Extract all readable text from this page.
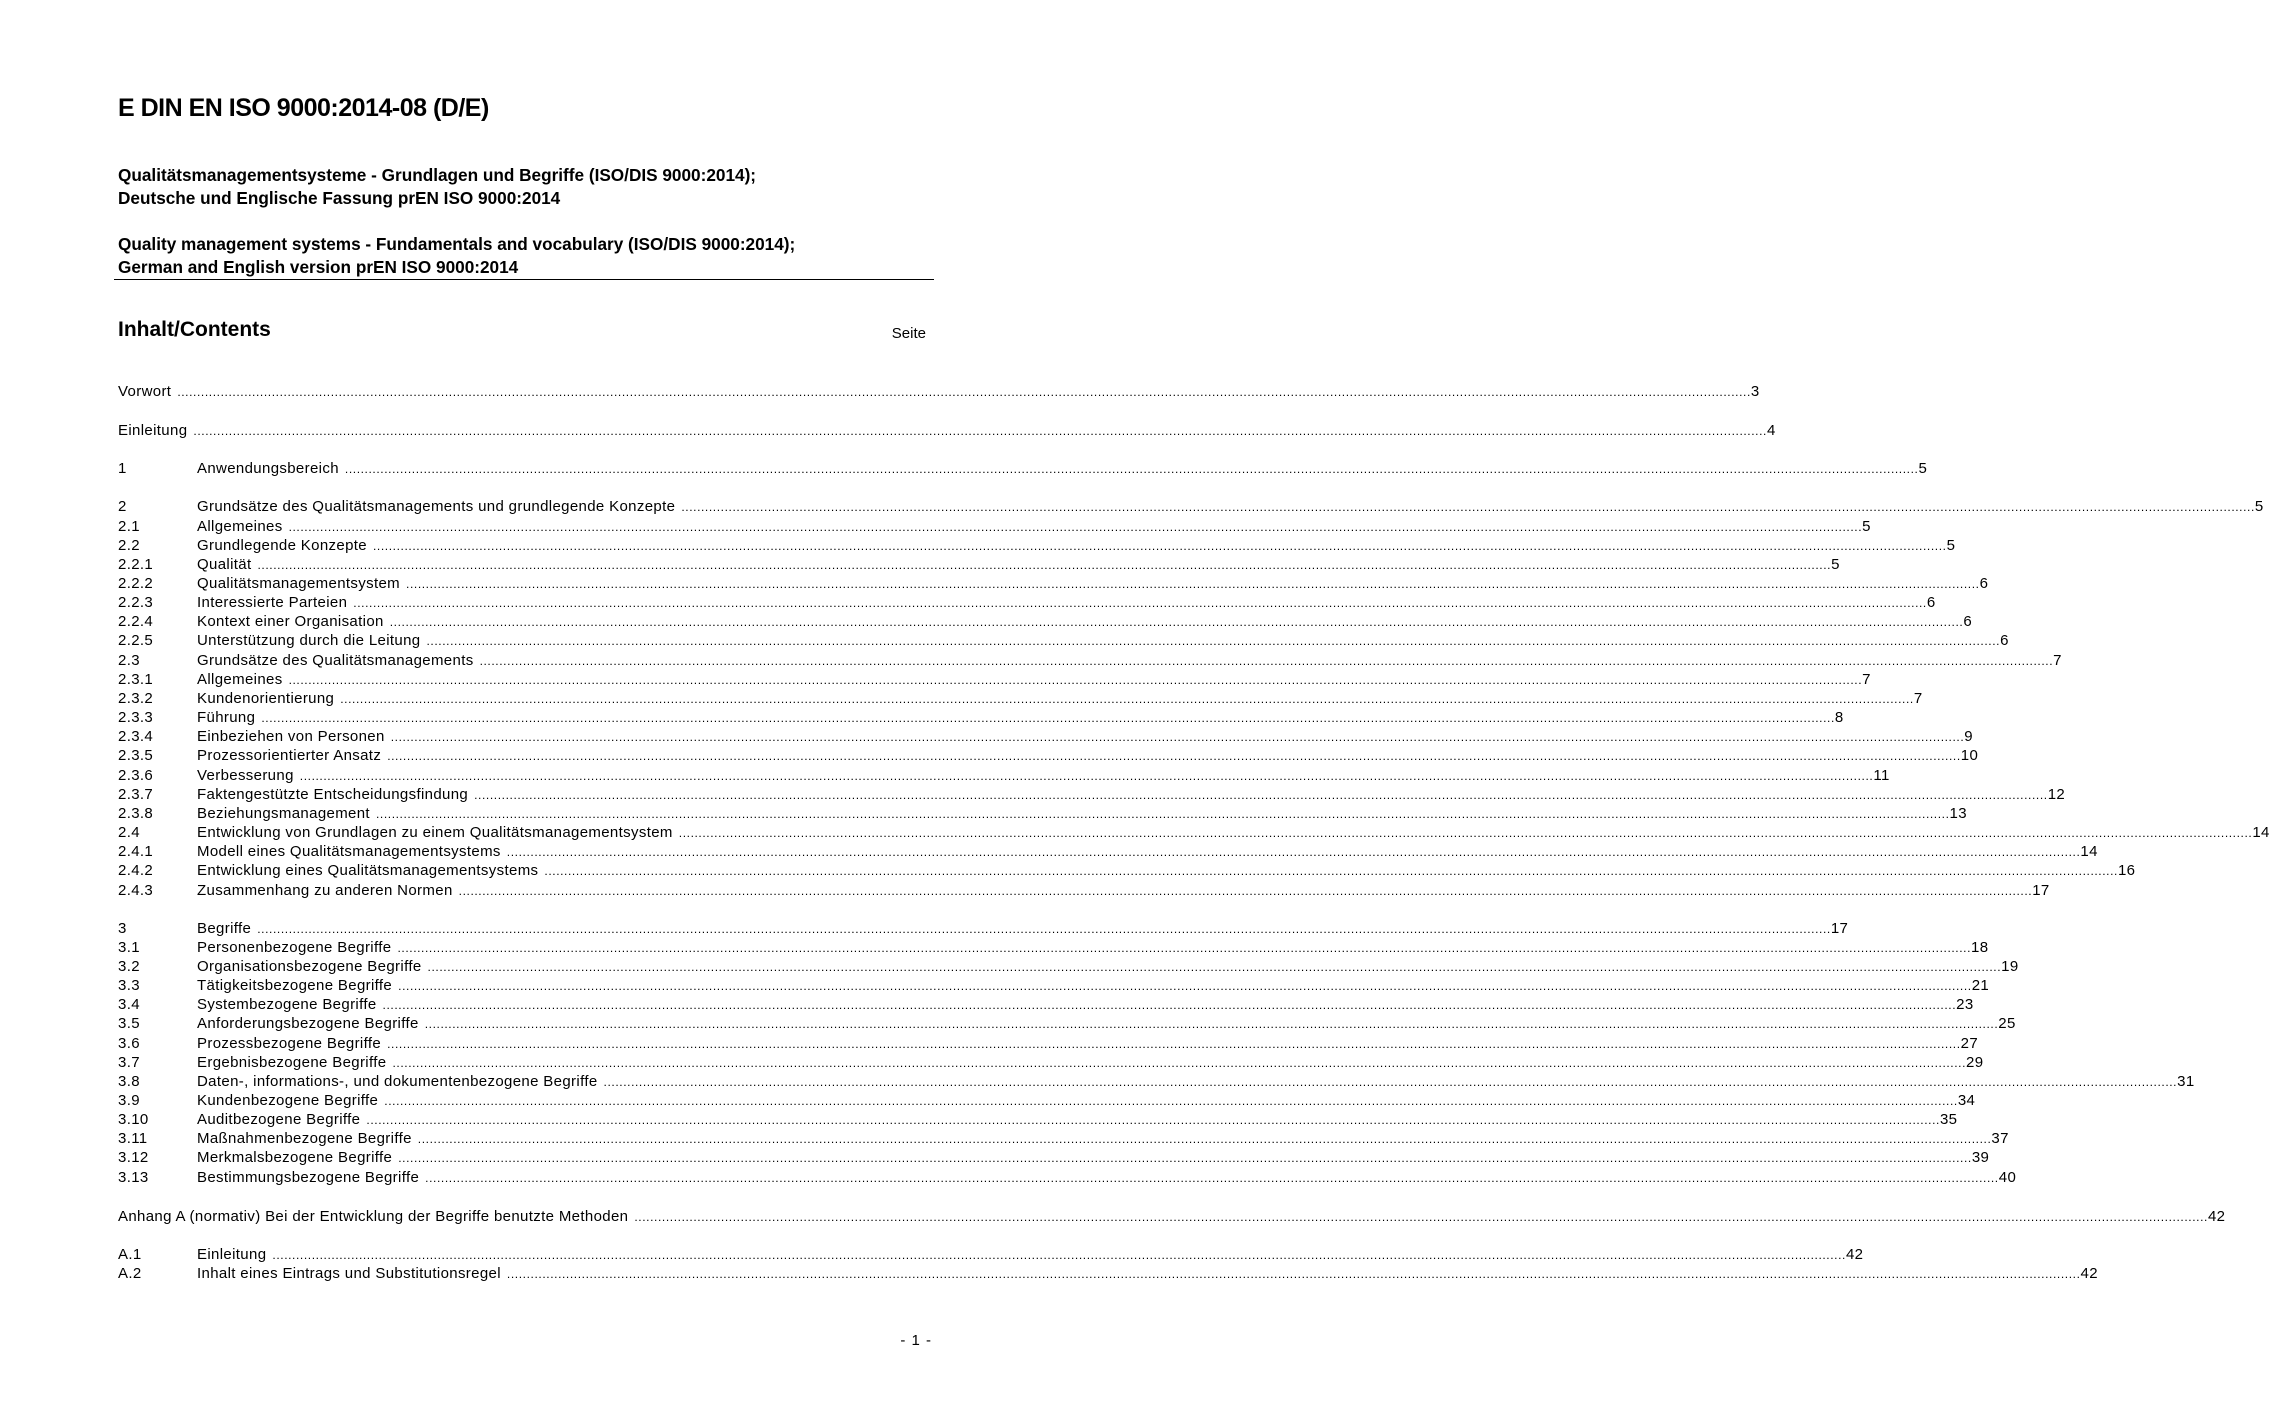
E DIN EN ISO 9000:2014-08 (D/E)
Qualitätsmanagementsysteme - Grundlagen und Begriffe (ISO/DIS 9000:2014);
Deutsche und Englische Fassung prEN ISO 9000:2014
Quality management systems - Fundamentals and vocabulary (ISO/DIS 9000:2014);
German and English version prEN ISO 9000:2014
Inhalt/Contents	Seite
Vorwort ................................................................................................................................................................................................................................................................................................................................................................................................................ 3
Einleitung ................................................................................................................................................................................................................................................................................................................................................................................................................ 4
1	Anwendungsbereich ................................................................................................................................................................................................................................................................................................................................................................................................................ 5
2	Grundsätze des Qualitätsmanagements und grundlegende Konzepte ................................................................................................................................................................................................................................................................................................................................................................................................................ 5
2.1	Allgemeines ................................................................................................................................................................................................................................................................................................................................................................................................................ 5
2.2	Grundlegende Konzepte ................................................................................................................................................................................................................................................................................................................................................................................................................ 5
2.2.1	Qualität ................................................................................................................................................................................................................................................................................................................................................................................................................ 5
2.2.2	Qualitätsmanagementsystem ................................................................................................................................................................................................................................................................................................................................................................................................................ 6
2.2.3	Interessierte Parteien ................................................................................................................................................................................................................................................................................................................................................................................................................ 6
2.2.4	Kontext einer Organisation ................................................................................................................................................................................................................................................................................................................................................................................................................ 6
2.2.5	Unterstützung durch die Leitung ................................................................................................................................................................................................................................................................................................................................................................................................................ 6
2.3	Grundsätze des Qualitätsmanagements ................................................................................................................................................................................................................................................................................................................................................................................................................ 7
2.3.1	Allgemeines ................................................................................................................................................................................................................................................................................................................................................................................................................ 7
2.3.2	Kundenorientierung ................................................................................................................................................................................................................................................................................................................................................................................................................ 7
2.3.3	Führung ................................................................................................................................................................................................................................................................................................................................................................................................................ 8
2.3.4	Einbeziehen von Personen ................................................................................................................................................................................................................................................................................................................................................................................................................ 9
2.3.5	Prozessorientierter Ansatz ................................................................................................................................................................................................................................................................................................................................................................................................................ 10
2.3.6	Verbesserung ................................................................................................................................................................................................................................................................................................................................................................................................................ 11
2.3.7	Faktengestützte Entscheidungsfindung ................................................................................................................................................................................................................................................................................................................................................................................................................ 12
2.3.8	Beziehungsmanagement ................................................................................................................................................................................................................................................................................................................................................................................................................ 13
2.4	Entwicklung von Grundlagen zu einem Qualitätsmanagementsystem ................................................................................................................................................................................................................................................................................................................................................................................................................ 14
2.4.1	Modell eines Qualitätsmanagementsystems ................................................................................................................................................................................................................................................................................................................................................................................................................ 14
2.4.2	Entwicklung eines Qualitätsmanagementsystems ................................................................................................................................................................................................................................................................................................................................................................................................................ 16
2.4.3	Zusammenhang zu anderen Normen ................................................................................................................................................................................................................................................................................................................................................................................................................ 17
3	Begriffe ................................................................................................................................................................................................................................................................................................................................................................................................................ 17
3.1	Personenbezogene Begriffe ................................................................................................................................................................................................................................................................................................................................................................................................................ 18
3.2	Organisationsbezogene Begriffe ................................................................................................................................................................................................................................................................................................................................................................................................................ 19
3.3	Tätigkeitsbezogene Begriffe ................................................................................................................................................................................................................................................................................................................................................................................................................ 21
3.4	Systembezogene Begriffe ................................................................................................................................................................................................................................................................................................................................................................................................................ 23
3.5	Anforderungsbezogene Begriffe ................................................................................................................................................................................................................................................................................................................................................................................................................ 25
3.6	Prozessbezogene Begriffe ................................................................................................................................................................................................................................................................................................................................................................................................................ 27
3.7	Ergebnisbezogene Begriffe ................................................................................................................................................................................................................................................................................................................................................................................................................ 29
3.8	Daten-, informations-, und dokumentenbezogene Begriffe ................................................................................................................................................................................................................................................................................................................................................................................................................ 31
3.9	Kundenbezogene Begriffe ................................................................................................................................................................................................................................................................................................................................................................................................................ 34
3.10	Auditbezogene Begriffe ................................................................................................................................................................................................................................................................................................................................................................................................................ 35
3.11	Maßnahmenbezogene Begriffe ................................................................................................................................................................................................................................................................................................................................................................................................................ 37
3.12	Merkmalsbezogene Begriffe ................................................................................................................................................................................................................................................................................................................................................................................................................ 39
3.13	Bestimmungsbezogene Begriffe ................................................................................................................................................................................................................................................................................................................................................................................................................ 40
Anhang A (normativ) Bei der Entwicklung der Begriffe benutzte Methoden ................................................................................................................................................................................................................................................................................................................................................................................................................ 42
A.1	Einleitung ................................................................................................................................................................................................................................................................................................................................................................................................................ 42
A.2	Inhalt eines Eintrags und Substitutionsregel ................................................................................................................................................................................................................................................................................................................................................................................................................ 42
- 1 -
